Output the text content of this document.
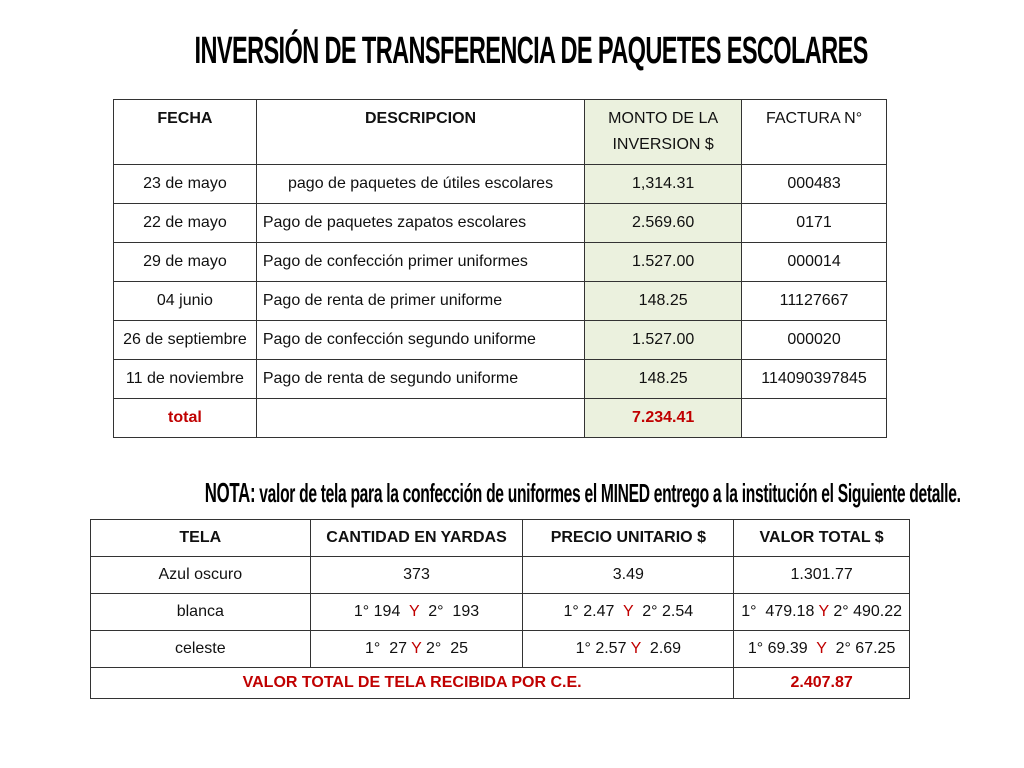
INVERSIÓN DE TRANSFERENCIA DE PAQUETES ESCOLARES
FECHA	DESCRIPCION	MONTO DE LA INVERSION $	FACTURA N°
23 de mayo	pago de paquetes de útiles escolares	1,314.31	000483
22 de mayo	Pago de paquetes zapatos escolares	2.569.60	0171
29 de mayo	Pago de confección primer uniformes	1.527.00	000014
04 junio	Pago de renta de primer uniforme	148.25	11127667
26 de septiembre	Pago de confección segundo uniforme	1.527.00	000020
11 de noviembre	Pago de renta de segundo uniforme	148.25	114090397845
total		7.234.41	
NOTA: valor de tela para la confección de uniformes el MINED entrego a la institución el Siguiente detalle.
TELA	CANTIDAD EN YARDAS	PRECIO UNITARIO $	VALOR TOTAL $
Azul oscuro	373	3.49	1.301.77
blanca	1° 194  Y  2°  193	1° 2.47  Y  2° 2.54	1°  479.18 Y 2° 490.22
celeste	1°  27 Y 2°  25	1° 2.57 Y  2.69	1° 69.39  Y  2° 67.25
VALOR TOTAL DE TELA RECIBIDA POR C.E.			2.407.87
